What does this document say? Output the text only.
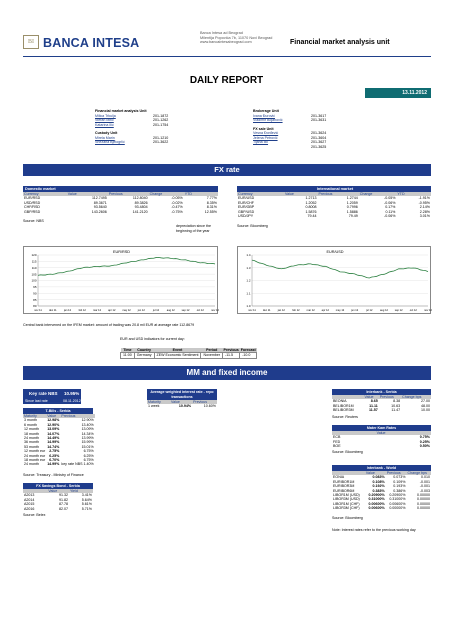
BI BANCA INTESA
Banca Intesa ad Beograd
Milentija Popovića 7b, 11070 Novi Beograd
www.bancaintesabeograd.com	Financial market analysis unit
DAILY REPORT
13.11.2012
Financial market analysis Unit
Milica Trkulja	201-1872
Stefan Mitić	201-1262
Katarina Ilić	201-1754
Custody Unit
Mirela Marin	201-1210
Snežana Bjelogrlić	201-3622
Brokerage Unit
Ivana Đurović	201-3617
Vladimir Bojanović	201-3631
FX sale Unit
Vesna Đorđević	201-3624
Jelena Petrović	201-3604
Tijana Ilić	201-3627
201-3625
FX rate
Domestic market
Currency	Value	Previous	Change	YTD
EUR/RSD	112.7495	112.8040	-0.05%	7.77%
USD/RSD	89.3671	89.3826	-0.02%	8.35%
CHF/RSD	93.5640	93.4804	-0.47%	8.31%
GBP/RSD	143.2606	141.2120	-0.75%	12.55%
Source: NBS
depreciation since the beginning of the year
International market
Currency	Value	Previous	Change	YTD
EUR/USD	1.2713	1.2744	-0.05%	-1.91%
EUR/CHF	1.2052	1.2059	-0.06%	-0.95%
EUR/GBP	0.8008	0.7996	0.17%	2.14%
GBP/USD	1.5876	1.5886	0.11%	2.28%
USD/JPY	79.44	79.49	-0.06%	3.01%
Source: Bloomberg
EUR/RSD
80
85
90
95
100
105
110
115
120
nov 11	dec 11	jan 12	feb 12	mar 12	apr 12	may 12	jun 12	jul 12	aug 12	sep 12	oct 12	nov 12
EUR/USD
1.0
1.1
1.2
1.3
1.4
nov 11	dec 11	jan 12	feb 12	mar 12	apr 12	may 12	jun 12	jul 12	aug 12	sep 12	oct 12	nov 12
Central bank intervened on the IFEM market: amount of trading was 20.8 mil EUR at average rate 112.8679
EUR and USD indicators for current day:
Time	Country	Event	Period	Previous	Forecast
11:00	Germany	ZEW Economic Sentiment	November	-11.5	-10.0
MM and fixed income
Key rate NBS 10.95%
Since last rate	08.11.2012
T-Bills - Serbia
Maturity	Value	Previous
3 month	12.98%	12.90%
6 month	12.90%	13.40%
12 month	13.09%	13.09%
18 month	14.07%	14.34%
24 month	14.49%	13.99%
36 month	14.99%	15.99%
53 month	14.74%	15.01%
12 month eur	2.75%	6.75%
24 month eur	6.25%	6.25%
18 month eur	6.70%	6.75%
24 month	14.99%	key rate NBS 1.40%
Source: Treasury - Ministry of Finance
FX Savings Bond - Serbia
	Value	Yield
A2013	91.32	3.41%
A2014	91.82	5.64%
A2015	87.78	5.61%
A2016	82.07	5.71%
Source: Belex
Average weighted interest rate - repo transactions
Maturity	Value	Previous
1 week	10.94%	10.60%
Interbank - Serbia
	Value	Previous	Change bps
BEONIA	8.65	8.38	27.00
BELIBOR1M	11.11	10.63	48.00
BELIBOR3M	11.57	11.47	10.00
Source: Reuters
Mater Kam Rates
	Value
ECB	0.75%
FED	0.25%
BOE	0.50%
Source: Bloomberg
Interbank - World
	Value	Previous	Change bps
EONIA	0.083%	0.073%	0.010
EURIBOR1M	0.108%	0.109%	-0.001
EURIBOR3M	0.192%	0.193%	-0.001
EURIBOR6M	0.383%	0.386%	-0.003
LIBOR1M (USD)	0.20900%	0.20900%	0.00000
LIBOR3M (USD)	0.31000%	0.31000%	0.00000
LIBOR1M (CHF)	0.00600%	0.00600%	0.00000
LIBOR3M (CHF)	0.00600%	0.00000%	0.00000
Source: Bloomberg
Note: Interest rates refer to the previous working day
